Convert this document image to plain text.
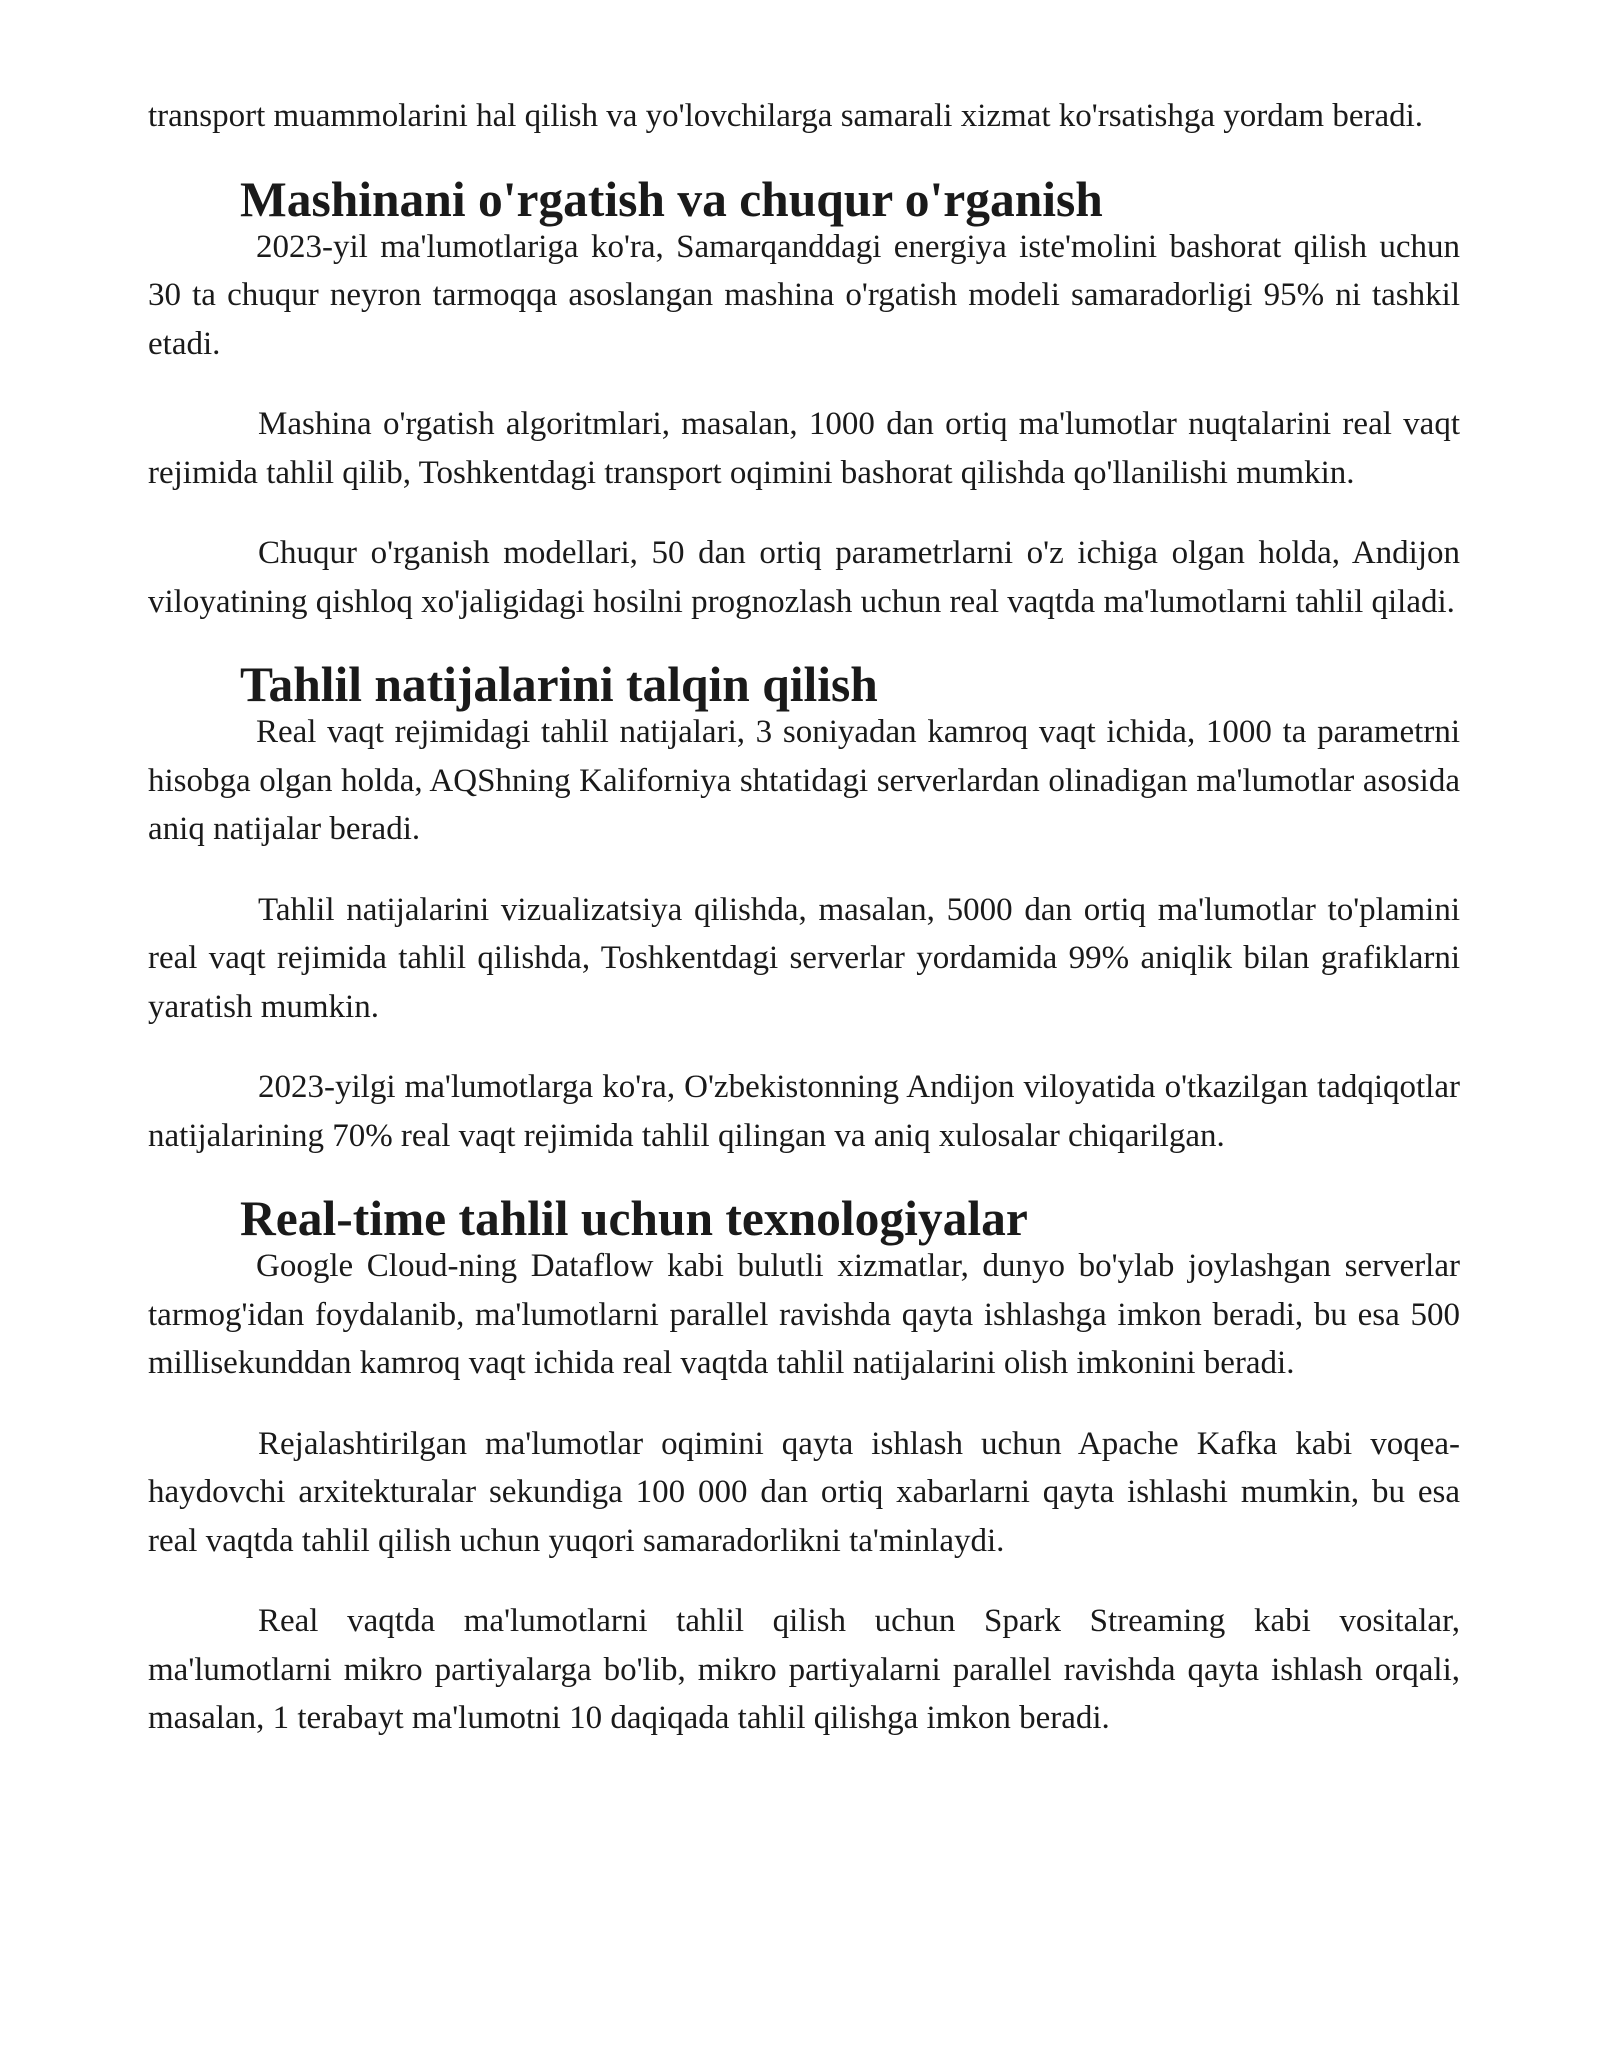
transport muammolarini hal qilish va yo'lovchilarga samarali xizmat ko'rsatishga yordam beradi.

Mashinani o'rgatish va chuqur o'rganish

2023-yil ma'lumotlariga ko'ra, Samarqanddagi energiya iste'molini bashorat qilish uchun 30 ta chuqur neyron tarmoqqa asoslangan mashina o'rgatish modeli samaradorligi 95% ni tashkil etadi.

Mashina o'rgatish algoritmlari, masalan, 1000 dan ortiq ma'lumotlar nuqtalarini real vaqt rejimida tahlil qilib, Toshkentdagi transport oqimini bashorat qilishda qo'llanilishi mumkin.

Chuqur o'rganish modellari, 50 dan ortiq parametrlarni o'z ichiga olgan holda, Andijon viloyatining qishloq xo'jaligidagi hosilni prognozlash uchun real vaqtda ma'lumotlarni tahlil qiladi.

Tahlil natijalarini talqin qilish

Real vaqt rejimidagi tahlil natijalari, 3 soniyadan kamroq vaqt ichida, 1000 ta parametrni hisobga olgan holda, AQShning Kaliforniya shtatidagi serverlardan olinadigan ma'lumotlar asosida aniq natijalar beradi.

Tahlil natijalarini vizualizatsiya qilishda, masalan, 5000 dan ortiq ma'lumotlar to'plamini real vaqt rejimida tahlil qilishda, Toshkentdagi serverlar yordamida 99% aniqlik bilan grafiklarni yaratish mumkin.

2023-yilgi ma'lumotlarga ko'ra, O'zbekistonning Andijon viloyatida o'tkazilgan tadqiqotlar natijalarining 70% real vaqt rejimida tahlil qilingan va aniq xulosalar chiqarilgan.

Real-time tahlil uchun texnologiyalar

Google Cloud-ning Dataflow kabi bulutli xizmatlar, dunyo bo'ylab joylashgan serverlar tarmog'idan foydalanib, ma'lumotlarni parallel ravishda qayta ishlashga imkon beradi, bu esa 500 millisekunddan kamroq vaqt ichida real vaqtda tahlil natijalarini olish imkonini beradi.

Rejalashtirilgan ma'lumotlar oqimini qayta ishlash uchun Apache Kafka kabi voqea-haydovchi arxitekturalar sekundiga 100 000 dan ortiq xabarlarni qayta ishlashi mumkin, bu esa real vaqtda tahlil qilish uchun yuqori samaradorlikni ta'minlaydi.

Real vaqtda ma'lumotlarni tahlil qilish uchun Spark Streaming kabi vositalar, ma'lumotlarni mikro partiyalarga bo'lib, mikro partiyalarni parallel ravishda qayta ishlash orqali, masalan, 1 terabayt ma'lumotni 10 daqiqada tahlil qilishga imkon beradi.
